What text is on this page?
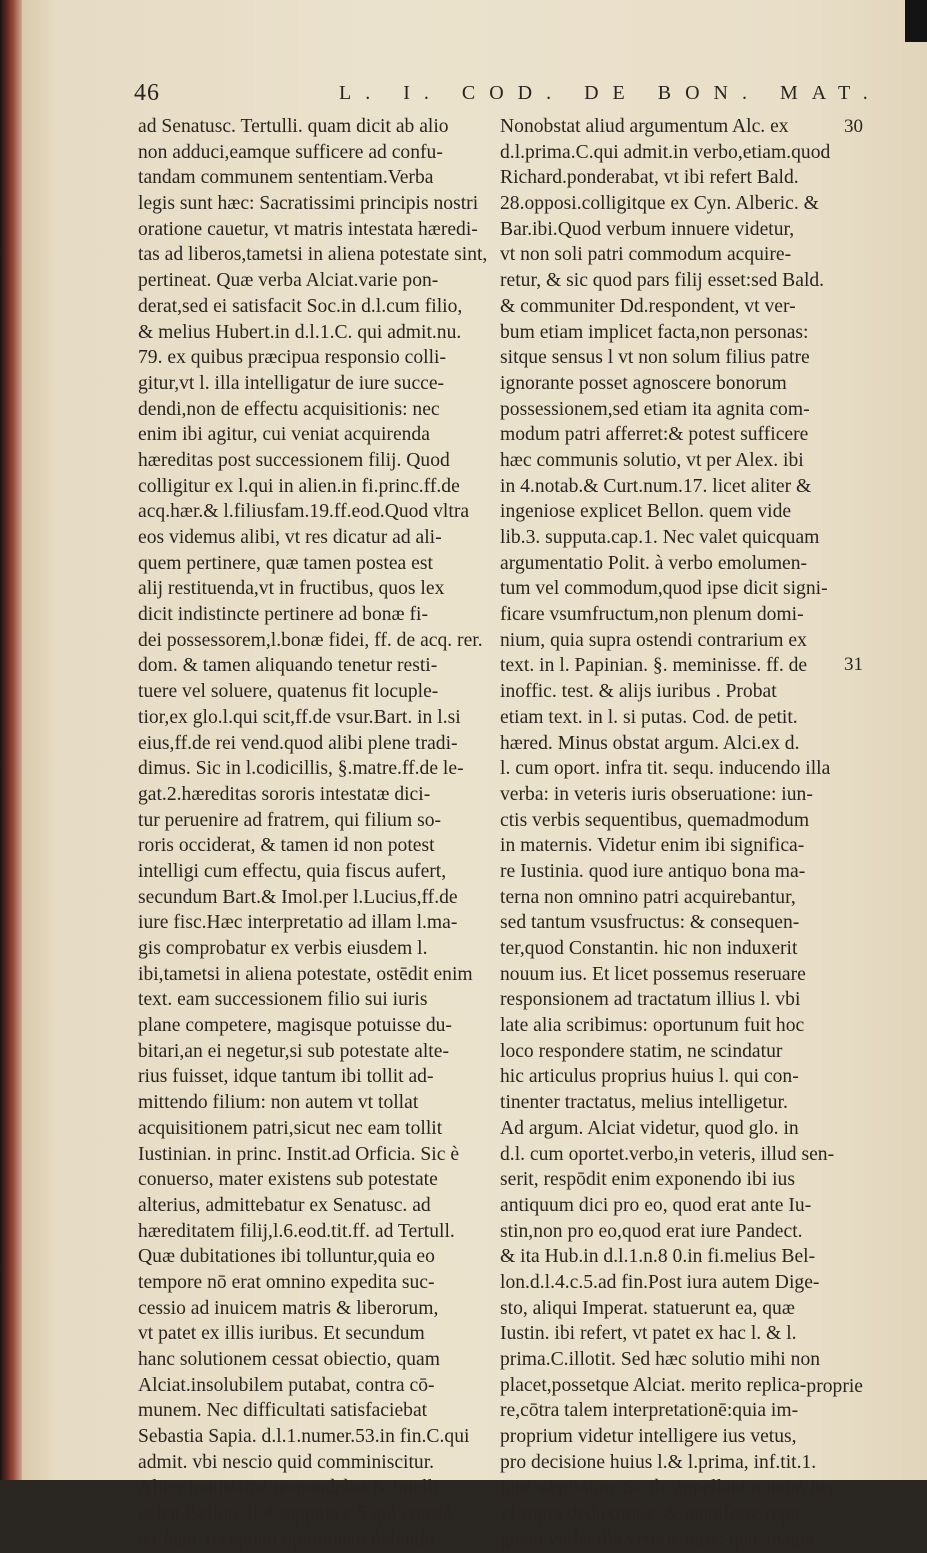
46	L. I. COD. DE BON. MAT.
ad Senatusc. Tertulli. quam dicit ab alio
non adduci,eamque sufficere ad confu-
tandam communem sententiam.Verba
legis sunt hæc: Sacratissimi principis nostri
oratione cauetur, vt matris intestata hæredi-
tas ad liberos,tametsi in aliena potestate sint,
pertineat. Quæ verba Alciat.varie pon-
derat,sed ei satisfacit Soc.in d.l.cum filio,
& melius Hubert.in d.l.1.C. qui admit.nu.
79. ex quibus præcipua responsio colli-
gitur,vt l. illa intelligatur de iure succe-
dendi,non de effectu acquisitionis: nec
enim ibi agitur, cui veniat acquirenda
hæreditas post successionem filij. Quod
colligitur ex l.qui in alien.in fi.princ.ff.de
acq.hær.& l.filiusfam.19.ff.eod.Quod vltra
eos videmus alibi, vt res dicatur ad ali-
quem pertinere, quæ tamen postea est
alij restituenda,vt in fructibus, quos lex
dicit indistincte pertinere ad bonæ fi-
dei possessorem,l.bonæ fidei, ff. de acq. rer.
dom. & tamen aliquando tenetur resti-
tuere vel soluere, quatenus fit locuple-
tior,ex glo.l.qui scit,ff.de vsur.Bart. in l.si
eius,ff.de rei vend.quod alibi plene tradi-
dimus. Sic in l.codicillis, §.matre.ff.de le-
gat.2.hæreditas sororis intestatæ dici-
tur peruenire ad fratrem, qui filium so-
roris occiderat, & tamen id non potest
intelligi cum effectu, quia fiscus aufert,
secundum Bart.& Imol.per l.Lucius,ff.de
iure fisc.Hæc interpretatio ad illam l.ma-
gis comprobatur ex verbis eiusdem l.
ibi,tametsi in aliena potestate, ostēdit enim
text. eam successionem filio sui iuris
plane competere, magisque potuisse du-
bitari,an ei negetur,si sub potestate alte-
rius fuisset, idque tantum ibi tollit ad-
mittendo filium: non autem vt tollat
acquisitionem patri,sicut nec eam tollit
Iustinian. in princ. Instit.ad Orficia. Sic è
conuerso, mater existens sub potestate
alterius, admittebatur ex Senatusc. ad
hæreditatem filij,l.6.eod.tit.ff. ad Tertull.
Quæ dubitationes ibi tolluntur,quia eo
tempore nō erat omnino expedita suc-
cessio ad inuicem matris & liberorum,
vt patet ex illis iuribus. Et secundum
hanc solutionem cessat obiectio, quam
Alciat.insolubilem putabat, contra cō-
munem. Nec difficultati satisfaciebat
Sebastia Sapia. d.l.1.numer.53.in fin.C.qui
admit. vbi nescio quid comminiscitur.
Aliter nouissime respondebat & intelli-
gebat Bellon. li.4.supputa.c.5.qui constā-
ter hanc receptam opinionem defendit.
Nonobstat aliud argumentum Alc. ex
d.l.prima.C.qui admit.in verbo,etiam.quod
Richard.ponderabat, vt ibi refert Bald.
28.opposi.colligitque ex Cyn. Alberic. &
Bar.ibi.Quod verbum innuere videtur,
vt non soli patri commodum acquire-
retur, & sic quod pars filij esset:sed Bald.
& communiter Dd.respondent, vt ver-
bum etiam implicet facta,non personas:
sitque sensus l vt non solum filius patre
ignorante posset agnoscere bonorum
possessionem,sed etiam ita agnita com-
modum patri afferret:& potest sufficere
hæc communis solutio, vt per Alex. ibi
in 4.notab.& Curt.num.17. licet aliter &
ingeniose explicet Bellon. quem vide
lib.3. supputa.cap.1. Nec valet quicquam
argumentatio Polit. à verbo emolumen-
tum vel commodum,quod ipse dicit signi-
ficare vsumfructum,non plenum domi-
nium, quia supra ostendi contrarium ex
text. in l. Papinian. §. meminisse. ff. de
inoffic. test. & alijs iuribus . Probat
etiam text. in l. si putas. Cod. de petit.
hæred. Minus obstat argum. Alci.ex d.
l. cum oport. infra tit. sequ. inducendo illa
verba: in veteris iuris obseruatione: iun-
ctis verbis sequentibus, quemadmodum
in maternis. Videtur enim ibi significa-
re Iustinia. quod iure antiquo bona ma-
terna non omnino patri acquirebantur,
sed tantum vsusfructus: & consequen-
ter,quod Constantin. hic non induxerit
nouum ius. Et licet possemus reseruare
responsionem ad tractatum illius l. vbi
late alia scribimus: oportunum fuit hoc
loco respondere statim, ne scindatur
hic articulus proprius huius l. qui con-
tinenter tractatus, melius intelligetur.
Ad argum. Alciat videtur, quod glo. in
d.l. cum oportet.verbo,in veteris, illud sen-
serit, respōdit enim exponendo ibi ius
antiquum dici pro eo, quod erat ante Iu-
stin,non pro eo,quod erat iure Pandect.
& ita Hub.in d.l.1.n.8 0.in fi.melius Bel-
lon.d.l.4.c.5.ad fin.Post iura autem Dige-
sto, aliqui Imperat. statuerunt ea, quæ
Iustin. ibi refert, vt patet ex hac l. & l.
prima.C.illotit. Sed hæc solutio mihi non
placet,possetque Alciat. merito replica-
re,cōtra talem interpretationē:quia im-
proprium videtur intelligere ius vetus,
pro decisione huius l.& l.prima, inf.tit.1.
quæ sæpissime Scrib. appellant nouum ius.
vt supra deduximus: & manifeste repu-
gnant verba illa,veteris iuris: quæ magis
30
31
proprie
